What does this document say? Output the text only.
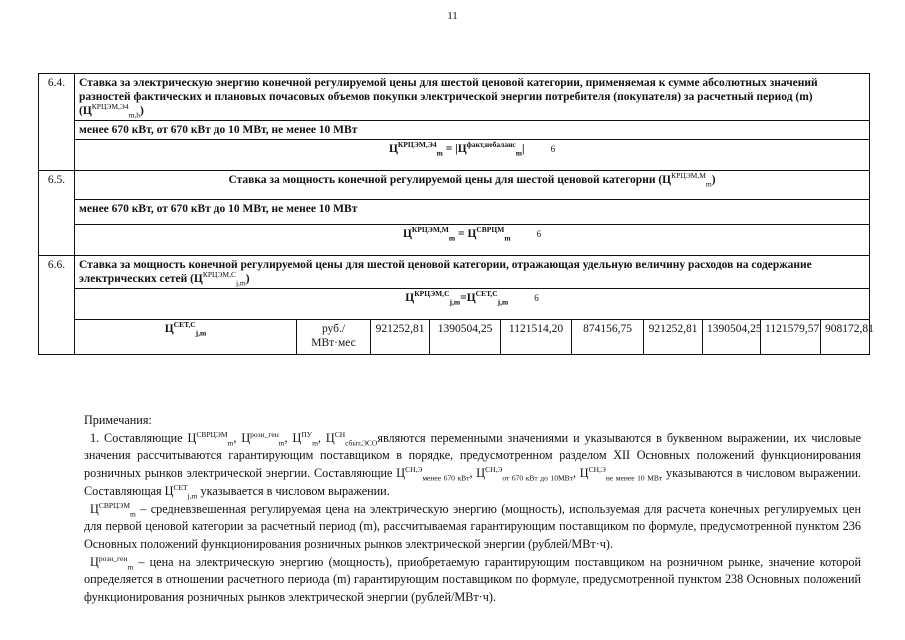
11
6.4.	Ставка за электрическую энергию конечной регулируемой цены для шестой ценовой категории, применяемая к сумме абсолютных значений разностей фактических и плановых почасовых объемов покупки электрической энергии потребителя (покупателя) за расчетный период (m) $(Ц^{КРЦЭМ,Э4}_{m,h})$									
	менее 670 кВт, от 670 кВт до 10 МВт, не менее 10 МВт									
	$Ц^{КРЦЭМ,Э4}_m = |Ц^{факт,небаланс}_m|$ 6									
6.5.	Ставка за мощность конечной регулируемой цены для шестой ценовой категории $(Ц^{КРЦЭМ,М}_m)$									
	менее 670 кВт, от 670 кВт до 10 МВт, не менее 10 МВт									
	$Ц^{КРЦЭМ,М}_m = Ц^{СВРЦМ}_m$ 6									
6.6.	Ставка за мощность конечной регулируемой цены для шестой ценовой категории, отражающая удельную величину расходов на содержание электрических сетей $(Ц^{КРЦЭМ,С}_{j,m})$									
	$Ц^{КРЦЭМ,С}_{j,m}=Ц^{СЕТ,С}_{j,m}$ 6									
	$Ц^{СЕТ,С}_{j,m}$	руб./
МВт·мес	921252,81	1390504,25	1121514,20	874156,75	921252,81	1390504,25	1121579,57	908172,81

Примечания:

1. Составляющие $Ц^{СВРЦЭМ}_m$, $Ц^{розн\_ген}_m$, $Ц^{ПУ}_m$, $Ц^{СН}_{сбыт,ЭСО}являются$ переменными значениями и указываются в буквенном выражении, их числовые значения рассчитываются гарантирующим поставщиком в порядке, предусмотренном разделом XII Основных положений функционирования розничных рынков электрической энергии. Составляющие $Ц^{СН,Э}_{менее 670 кВт}$, $Ц^{СН,Э}_{от 670 кВт до 10МВт}$, $Ц^{СН,Э}_{не менее 10 МВт}$ указываются в числовом выражении. Составляющая $Ц^{СЕТ}_{j,m}$ указывается в числовом выражении.

$Ц^{СВРЦЭМ}_m$ – средневзвешенная регулируемая цена на электрическую энергию (мощность), используемая для расчета конечных регулируемых цен для первой ценовой категории за расчетный период (m), рассчитываемая гарантирующим поставщиком по формуле, предусмотренной пунктом 236 Основных положений функционирования розничных рынков электрической энергии (рублей/МВт·ч).

$Ц^{розн\_ген}_m$ – цена на электрическую энергию (мощность), приобретаемую гарантирующим поставщиком на розничном рынке, значение которой определяется в отношении расчетного периода (m) гарантирующим поставщиком по формуле, предусмотренной пунктом 238 Основных положений функционирования розничных рынков электрической энергии (рублей/МВт·ч).
